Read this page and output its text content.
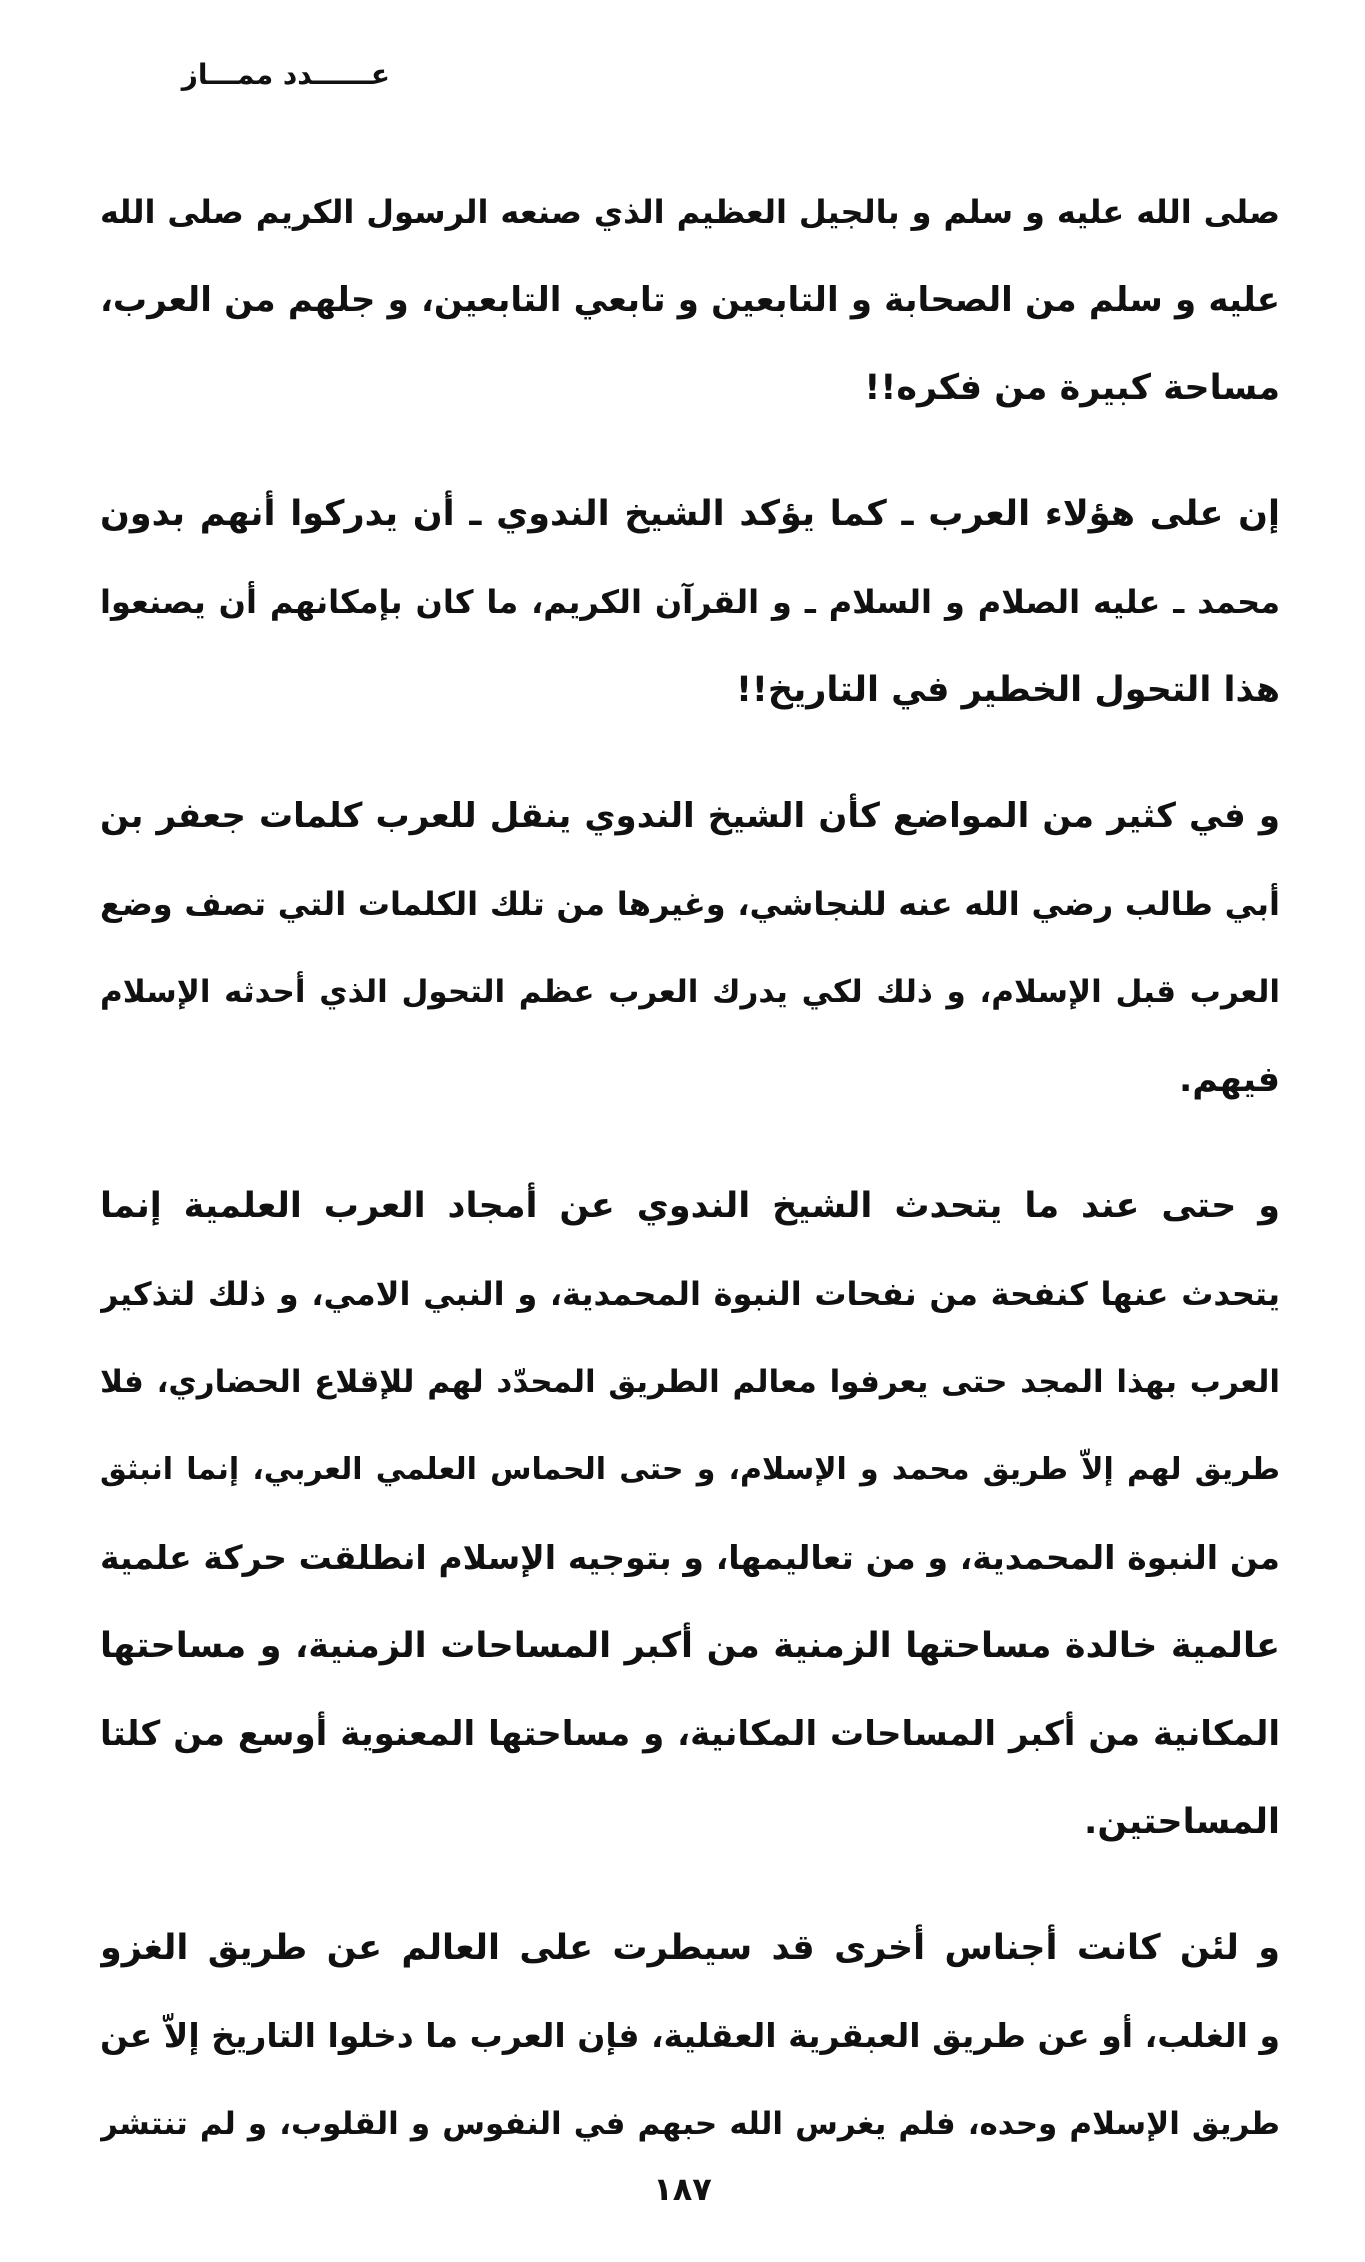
عــــــدد ممـــاز
صلى الله عليه و سلم و بالجيل العظيم الذي صنعه الرسول الكريم صلى الله
عليه و سلم من الصحابة و التابعين و تابعي التابعين، و جلهم من العرب،
مساحة كبيرة من فكره!!
إن على هؤلاء العرب ـ كما يؤكد الشيخ الندوي ـ أن يدركوا أنهم بدون
محمد ـ عليه الصلام و السلام ـ و القرآن الكريم، ما كان بإمكانهم أن يصنعوا
هذا التحول الخطير في التاريخ!!
و في كثير من المواضع كأن الشيخ الندوي ينقل للعرب كلمات جعفر بن
أبي طالب رضي الله عنه للنجاشي، وغيرها من تلك الكلمات التي تصف وضع
العرب قبل الإسلام، و ذلك لكي يدرك العرب عظم التحول الذي أحدثه الإسلام
فيهم.
و حتى عند ما يتحدث الشيخ الندوي عن أمجاد العرب العلمية إنما
يتحدث عنها كنفحة من نفحات النبوة المحمدية، و النبي الامي، و ذلك لتذكير
العرب بهذا المجد حتى يعرفوا معالم الطريق المحدّد لهم للإقلاع الحضاري، فلا
طريق لهم إلاّ طريق محمد و الإسلام، و حتى الحماس العلمي العربي، إنما انبثق
من النبوة المحمدية، و من تعاليمها، و بتوجيه الإسلام انطلقت حركة علمية
عالمية خالدة مساحتها الزمنية من أكبر المساحات الزمنية، و مساحتها
المكانية من أكبر المساحات المكانية، و مساحتها المعنوية أوسع من كلتا
المساحتين.
و لئن كانت أجناس أخرى قد سيطرت على العالم عن طريق الغزو
و الغلب، أو عن طريق العبقرية العقلية، فإن العرب ما دخلوا التاريخ إلاّ عن
طريق الإسلام وحده، فلم يغرس الله حبهم في النفوس و القلوب، و لم تنتشر
١٨٧
